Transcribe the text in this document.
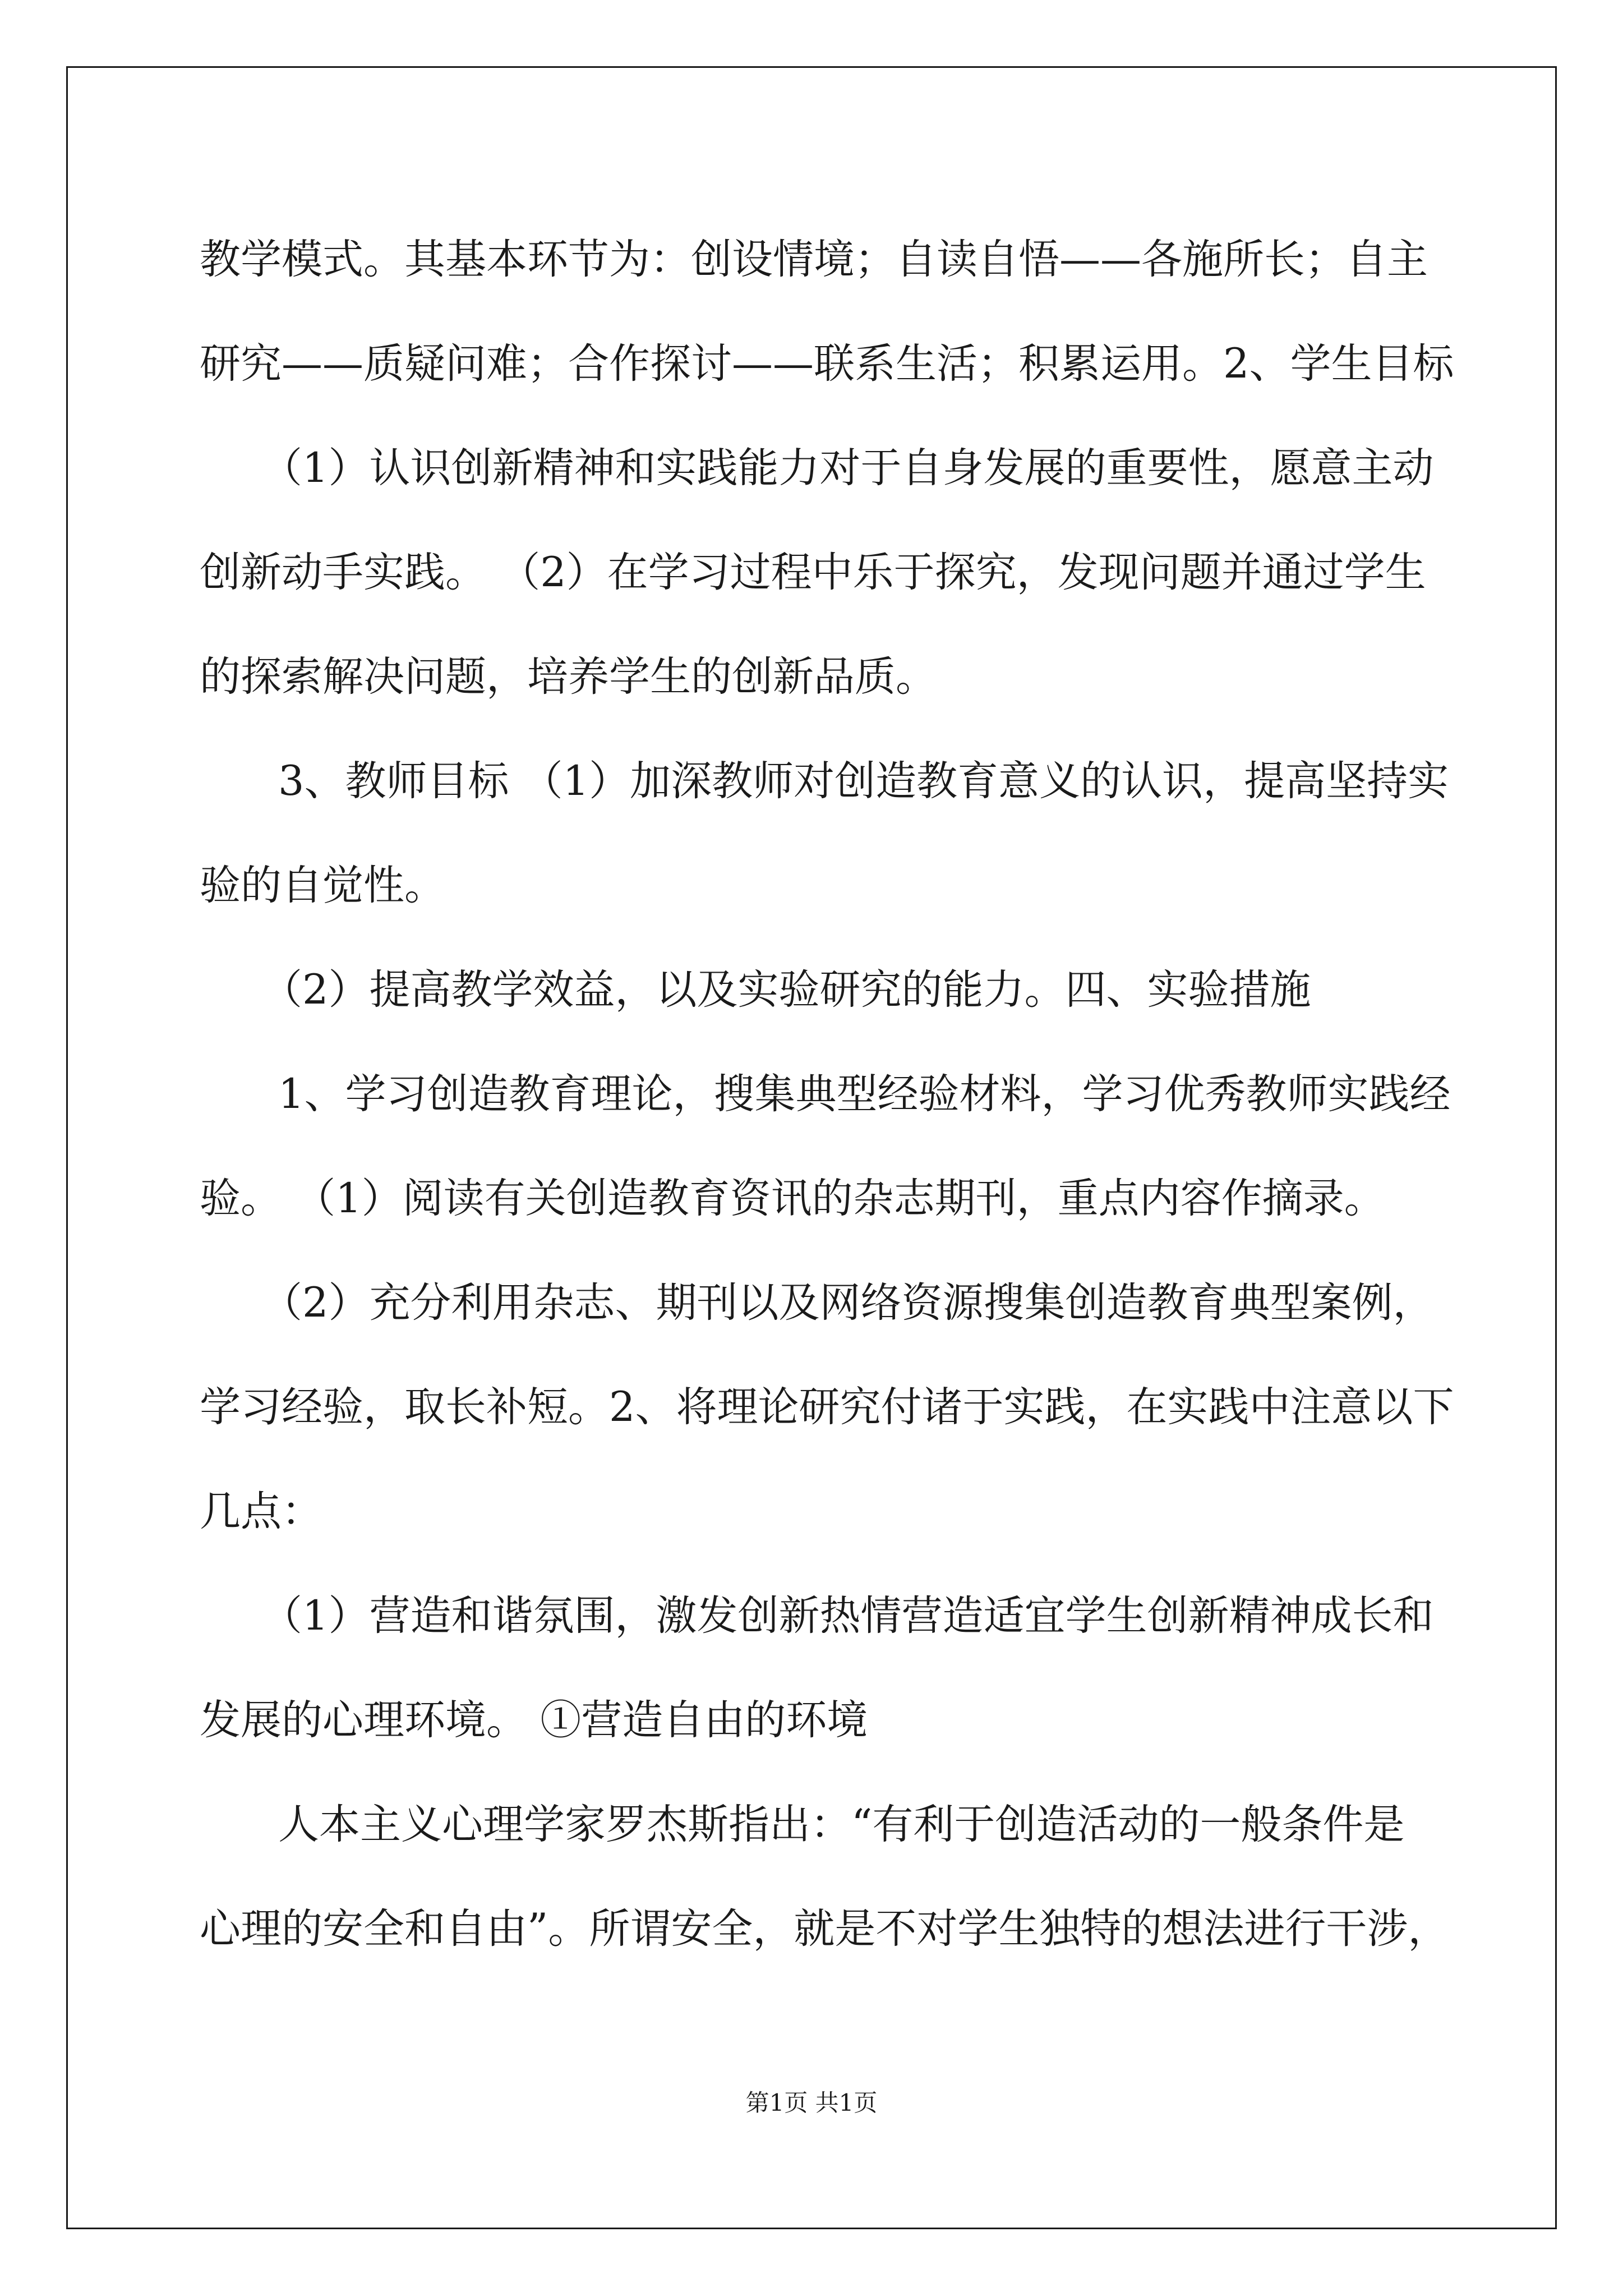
教学模式。其基本环节为：创设情境；自读自悟——各施所长；自主
研究——质疑问难；合作探讨——联系生活；积累运用。2、学生目标
（1）认识创新精神和实践能力对于自身发展的重要性，愿意主动
创新动手实践。 （2）在学习过程中乐于探究，发现问题并通过学生
的探索解决问题，培养学生的创新品质。
3、教师目标 （1）加深教师对创造教育意义的认识，提高坚持实
验的自觉性。
（2）提高教学效益，以及实验研究的能力。四、实验措施
1、学习创造教育理论，搜集典型经验材料，学习优秀教师实践经
验。 （1）阅读有关创造教育资讯的杂志期刊，重点内容作摘录。
（2）充分利用杂志、期刊以及网络资源搜集创造教育典型案例，
学习经验，取长补短。2、将理论研究付诸于实践，在实践中注意以下
几点：
（1）营造和谐氛围，激发创新热情营造适宜学生创新精神成长和
发展的心理环境。 ①营造自由的环境
人本主义心理学家罗杰斯指出：“有利于创造活动的一般条件是
心理的安全和自由”。所谓安全，就是不对学生独特的想法进行干涉，
第1页 共1页
